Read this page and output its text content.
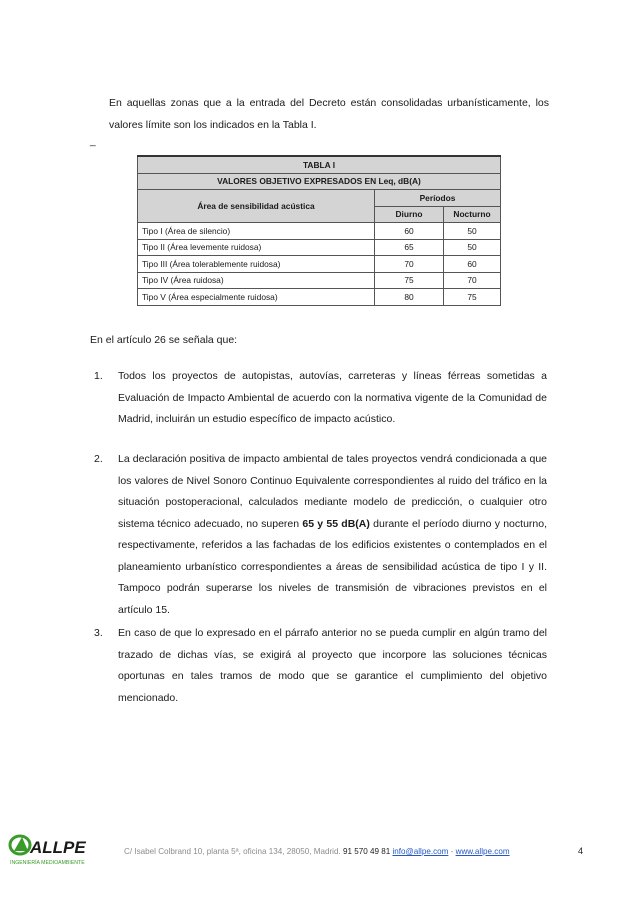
En aquellas zonas que a la entrada del Decreto están consolidadas urbanísticamente, los valores límite son los indicados en la Tabla I.
_
TABLA I		
VALORES OBJETIVO EXPRESADOS EN Leq, dB(A)		
Área de sensibilidad acústica	Períodos	
	Diurno	Nocturno
Tipo I (Área de silencio)	60	50
Tipo II (Área levemente ruidosa)	65	50
Tipo III (Área tolerablemente ruidosa)	70	60
Tipo IV (Área ruidosa)	75	70
Tipo V (Área especialmente ruidosa)	80	75
En el artículo 26 se señala que:
1. Todos los proyectos de autopistas, autovías, carreteras y líneas férreas sometidas a Evaluación de Impacto Ambiental de acuerdo con la normativa vigente de la Comunidad de Madrid, incluirán un estudio específico de impacto acústico.
2. La declaración positiva de impacto ambiental de tales proyectos vendrá condicionada a que los valores de Nivel Sonoro Continuo Equivalente correspondientes al ruido del tráfico en la situación postoperacional, calculados mediante modelo de predicción, o cualquier otro sistema técnico adecuado, no superen 65 y 55 dB(A) durante el período diurno y nocturno, respectivamente, referidos a las fachadas de los edificios existentes o contemplados en el planeamiento urbanístico correspondientes a áreas de sensibilidad acústica de tipo I y II. Tampoco podrán superarse los niveles de transmisión de vibraciones previstos en el artículo 15.
3. En caso de que lo expresado en el párrafo anterior no se pueda cumplir en algún tramo del trazado de dichas vías, se exigirá al proyecto que incorpore las soluciones técnicas oportunas en tales tramos de modo que se garantice el cumplimiento del objetivo mencionado.
ALLPE
INGENIERÍA MEDIOAMBIENTE
C/ Isabel Colbrand 10, planta 5ª, oficina 134, 28050, Madrid. 91 570 49 81 info@allpe.com - www.allpe.com	4
